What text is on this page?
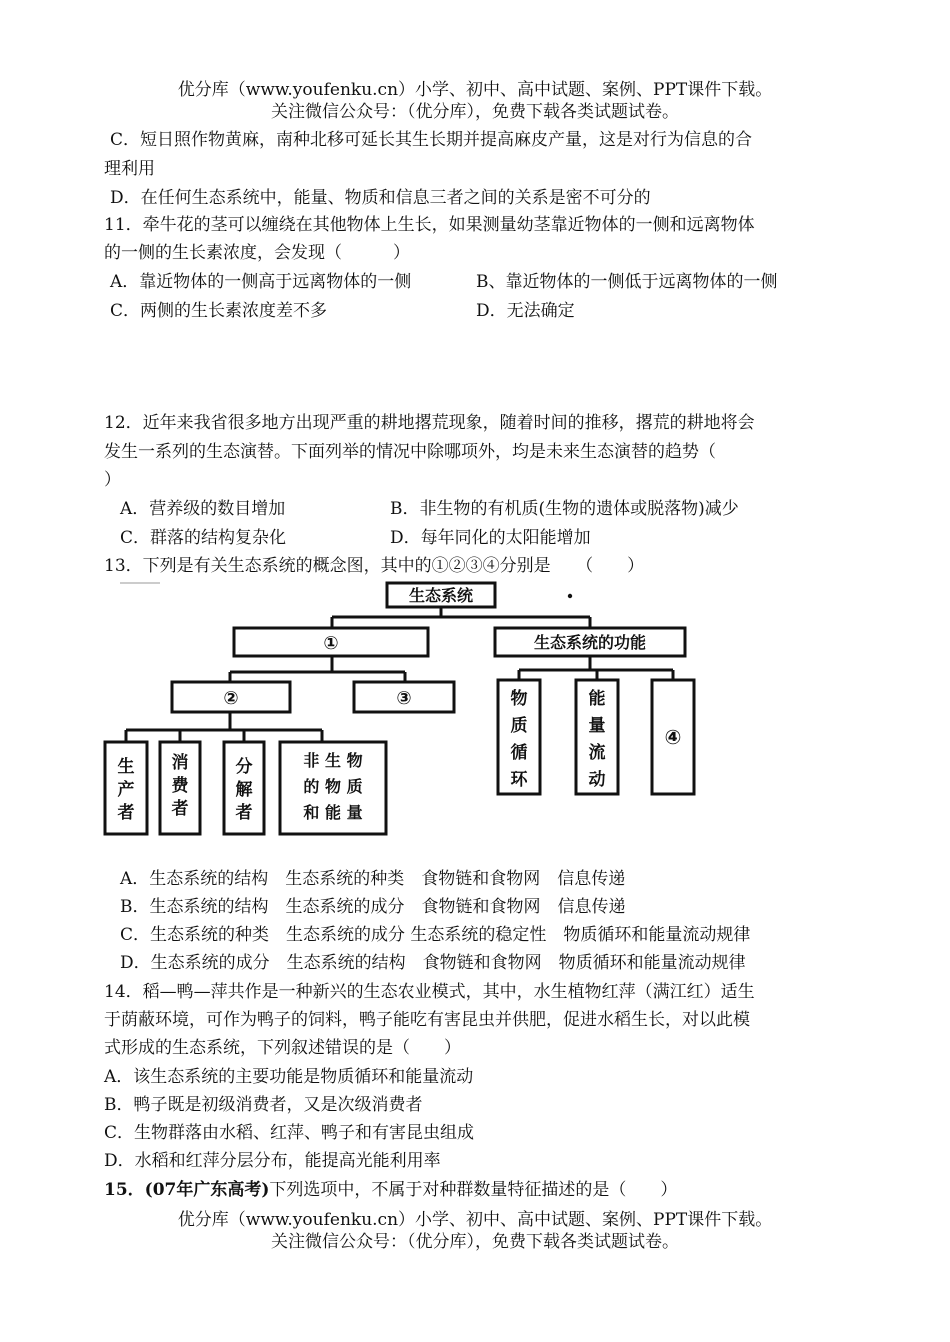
优分库（www.youfenku.cn）小学、初中、高中试题、案例、PPT课件下载。
关注微信公众号：（优分库），免费下载各类试题试卷。
C．短日照作物黄麻，南种北移可延长其生长期并提高麻皮产量，这是对行为信息的合
理利用
D．在任何生态系统中，能量、物质和信息三者之间的关系是密不可分的
11．牵牛花的茎可以缠绕在其他物体上生长，如果测量幼茎靠近物体的一侧和远离物体
的一侧的生长素浓度，会发现（　　　）
A．靠近物体的一侧高于远离物体的一侧	B、靠近物体的一侧低于远离物体的一侧
C．两侧的生长素浓度差不多	D．无法确定
12．近年来我省很多地方出现严重的耕地撂荒现象，随着时间的推移，撂荒的耕地将会
发生一系列的生态演替。下面列举的情况中除哪项外，均是未来生态演替的趋势（
）
A．营养级的数目增加	B．非生物的有机质(生物的遗体或脱落物)减少
C．群落的结构复杂化	D．每年同化的太阳能增加
13．下列是有关生态系统的概念图，其中的①②③④分别是　　（　　）
生态系统
①	生态系统的功能
②	③
④
物
质
循
环
能
量
流
动
生
产
者
消
费
者
分
解
者
非 生 物
的 物 质
和 能 量
A．生态系统的结构　生态系统的种类　食物链和食物网　信息传递
B．生态系统的结构　生态系统的成分　食物链和食物网　信息传递
C．生态系统的种类　生态系统的成分 生态系统的稳定性　物质循环和能量流动规律
D．生态系统的成分　生态系统的结构　食物链和食物网　物质循环和能量流动规律
14．稻—鸭—萍共作是一种新兴的生态农业模式，其中，水生植物红萍（满江红）适生
于荫蔽环境，可作为鸭子的饲料，鸭子能吃有害昆虫并供肥，促进水稻生长，对以此模
式形成的生态系统，下列叙述错误的是（　　）
A．该生态系统的主要功能是物质循环和能量流动
B．鸭子既是初级消费者，又是次级消费者
C．生物群落由水稻、红萍、鸭子和有害昆虫组成
D．水稻和红萍分层分布，能提高光能利用率
15．(07年广东高考)下列选项中，不属于对种群数量特征描述的是（　　）
优分库（www.youfenku.cn）小学、初中、高中试题、案例、PPT课件下载。
关注微信公众号：（优分库），免费下载各类试题试卷。
